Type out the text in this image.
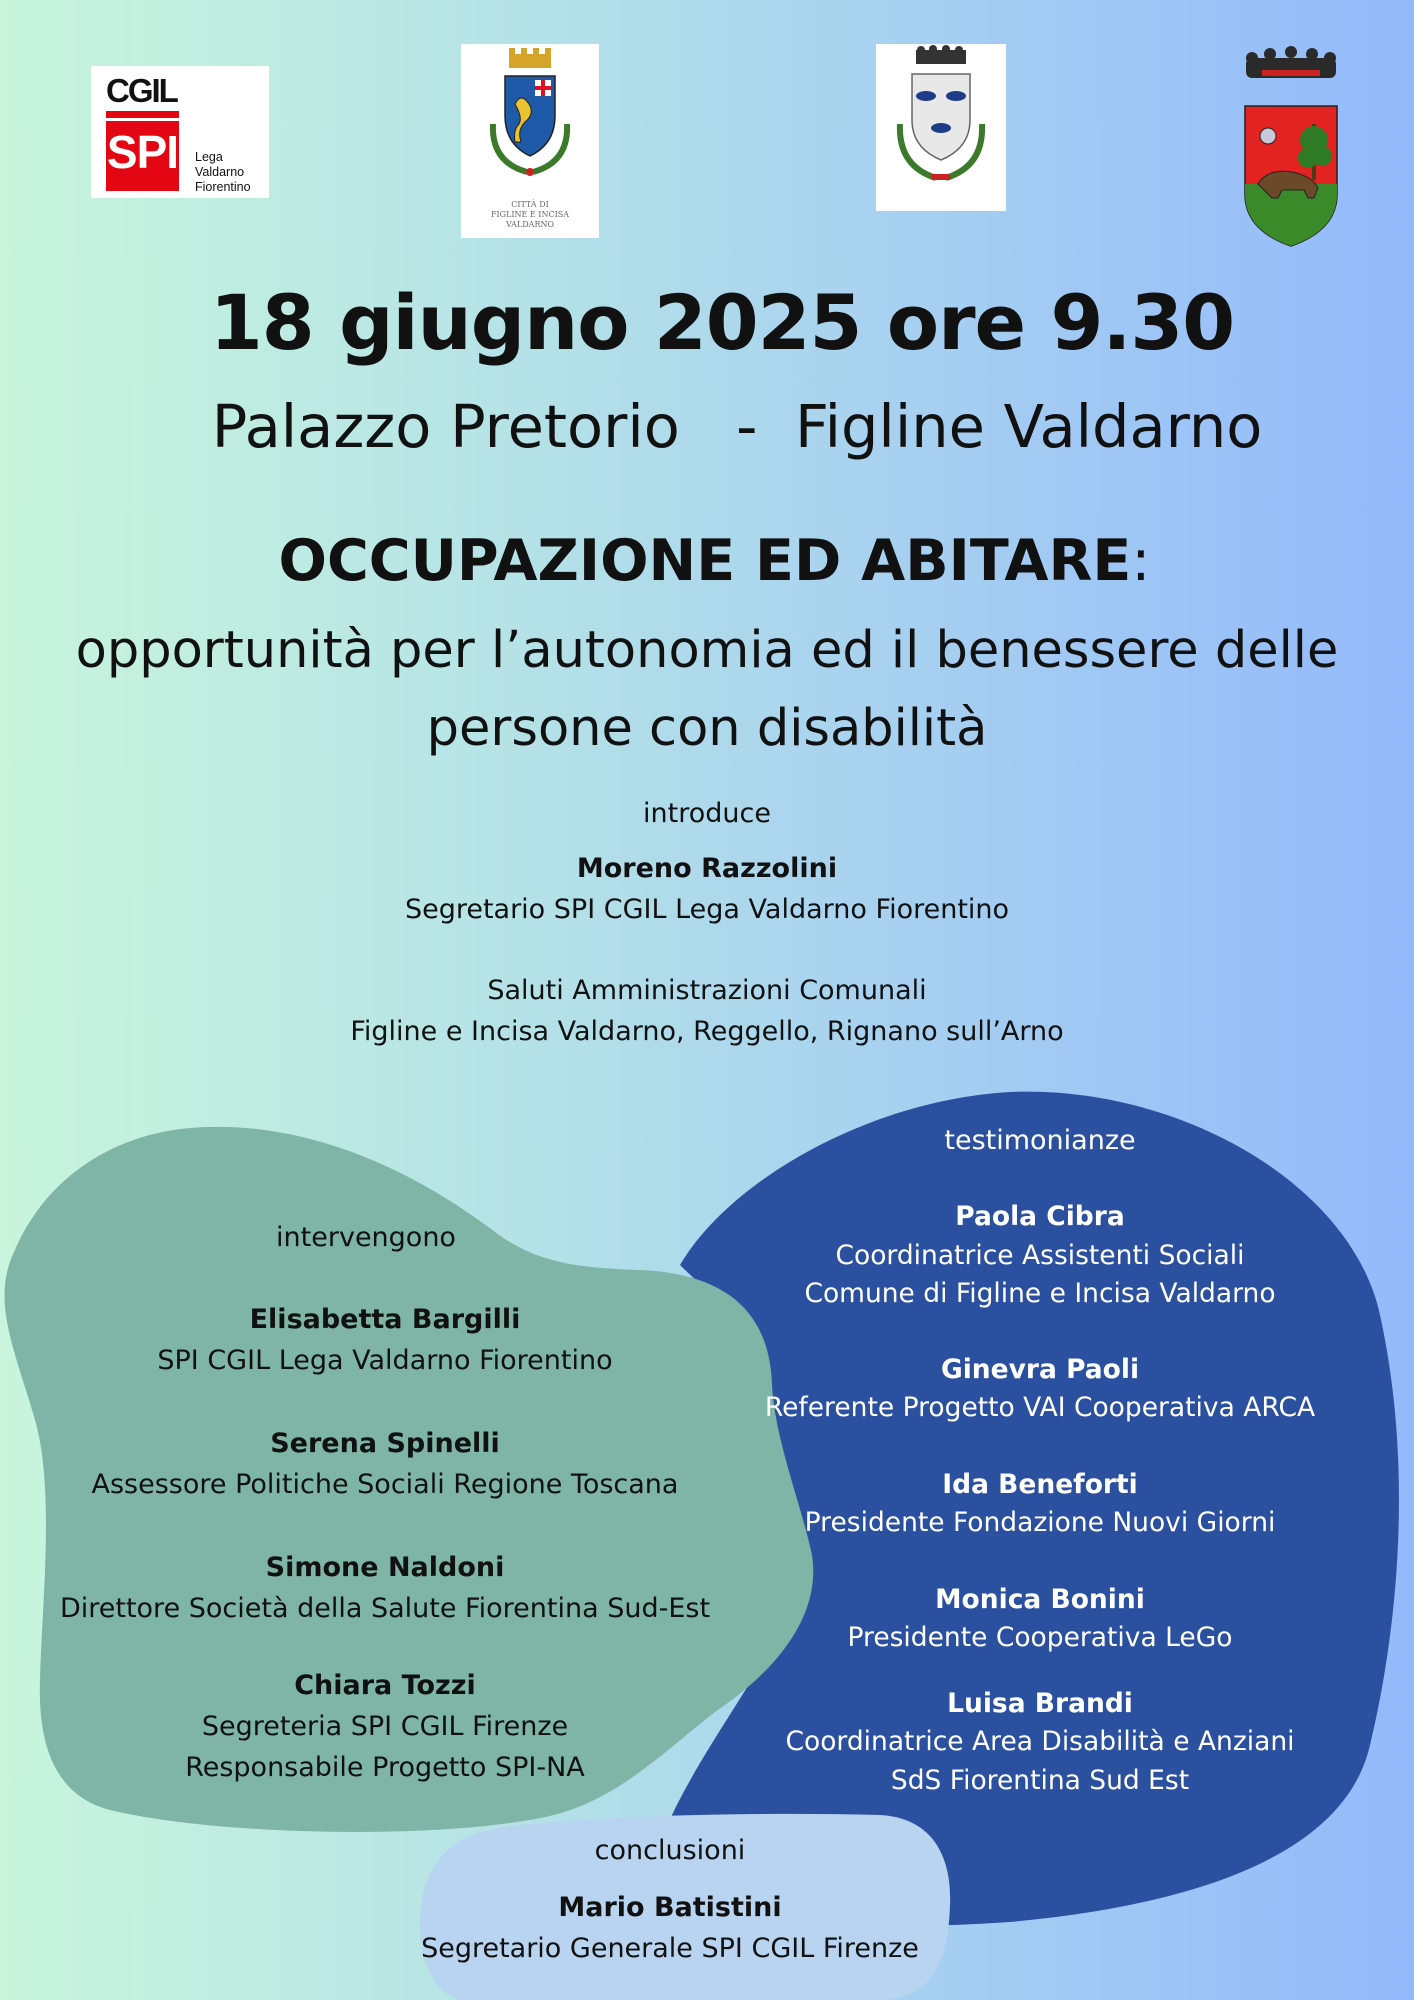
CGIL
SPI Lega
Valdarno
Fiorentino
CITTÀ DI
FIGLINE E INCISA
VALDARNO
18 giugno 2025 ore 9.30
Palazzo Pretorio   -  Figline Valdarno
OCCUPAZIONE ED ABITARE:
opportunità per l’autonomia ed il benessere delle
persone con disabilità
introduce
Moreno Razzolini
Segretario SPI CGIL Lega Valdarno Fiorentino
Saluti Amministrazioni Comunali
Figline e Incisa Valdarno, Reggello, Rignano sull’Arno
intervengono
Elisabetta Bargilli
SPI CGIL Lega Valdarno Fiorentino
Serena Spinelli
Assessore Politiche Sociali Regione Toscana
Simone Naldoni
Direttore Società della Salute Fiorentina Sud-Est
Chiara Tozzi
Segreteria SPI CGIL Firenze
Responsabile Progetto SPI-NA
testimonianze
Paola Cibra
Coordinatrice Assistenti Sociali
Comune di Figline e Incisa Valdarno
Ginevra Paoli
Referente Progetto VAI Cooperativa ARCA
Ida Beneforti
Presidente Fondazione Nuovi Giorni
Monica Bonini
Presidente Cooperativa LeGo
Luisa Brandi
Coordinatrice Area Disabilità e Anziani
SdS Fiorentina Sud Est
conclusioni
Mario Batistini
Segretario Generale SPI CGIL Firenze
